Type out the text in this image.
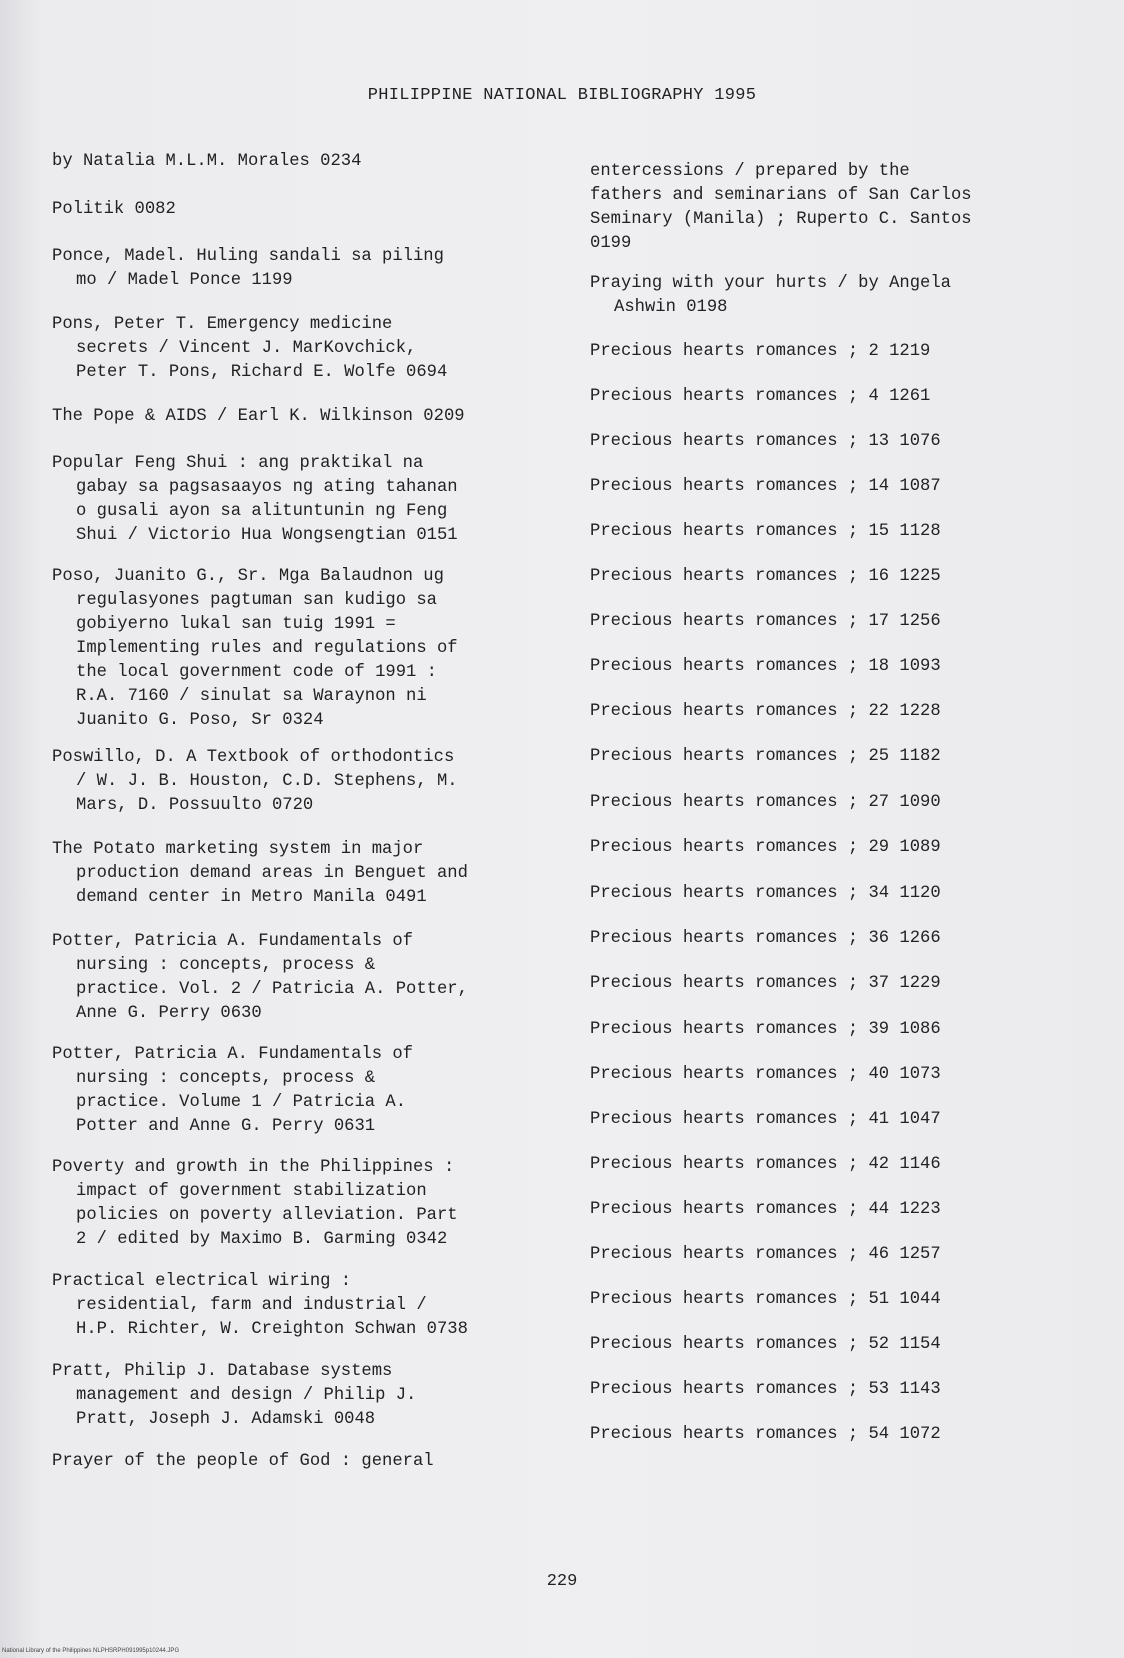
PHILIPPINE NATIONAL BIBLIOGRAPHY 1995
by Natalia M.L.M. Morales 0234
Politik 0082
Ponce, Madel. Huling sandali sa piling
mo / Madel Ponce 1199
Pons, Peter T. Emergency medicine
secrets / Vincent J. MarKovchick,
Peter T. Pons, Richard E. Wolfe 0694
The Pope & AIDS / Earl K. Wilkinson 0209
Popular Feng Shui : ang praktikal na
gabay sa pagsasaayos ng ating tahanan
o gusali ayon sa alituntunin ng Feng
Shui / Victorio Hua Wongsengtian 0151
Poso, Juanito G., Sr. Mga Balaudnon ug
regulasyones pagtuman san kudigo sa
gobiyerno lukal san tuig 1991 =
Implementing rules and regulations of
the local government code of 1991 :
R.A. 7160 / sinulat sa Waraynon ni
Juanito G. Poso, Sr 0324
Poswillo, D. A Textbook of orthodontics
/ W. J. B. Houston, C.D. Stephens, M.
Mars, D. Possuulto 0720
The Potato marketing system in major
production demand areas in Benguet and
demand center in Metro Manila 0491
Potter, Patricia A. Fundamentals of
nursing : concepts, process &
practice. Vol. 2 / Patricia A. Potter,
Anne G. Perry 0630
Potter, Patricia A. Fundamentals of
nursing : concepts, process &
practice. Volume 1 / Patricia A.
Potter and Anne G. Perry 0631
Poverty and growth in the Philippines :
impact of government stabilization
policies on poverty alleviation. Part
2 / edited by Maximo B. Garming 0342
Practical electrical wiring :
residential, farm and industrial /
H.P. Richter, W. Creighton Schwan 0738
Pratt, Philip J. Database systems
management and design / Philip J.
Pratt, Joseph J. Adamski 0048
Prayer of the people of God : general
entercessions / prepared by the
fathers and seminarians of San Carlos
Seminary (Manila) ; Ruperto C. Santos
0199
Praying with your hurts / by Angela
Ashwin 0198
Precious hearts romances ; 2 1219
Precious hearts romances ; 4 1261
Precious hearts romances ; 13 1076
Precious hearts romances ; 14 1087
Precious hearts romances ; 15 1128
Precious hearts romances ; 16 1225
Precious hearts romances ; 17 1256
Precious hearts romances ; 18 1093
Precious hearts romances ; 22 1228
Precious hearts romances ; 25 1182
Precious hearts romances ; 27 1090
Precious hearts romances ; 29 1089
Precious hearts romances ; 34 1120
Precious hearts romances ; 36 1266
Precious hearts romances ; 37 1229
Precious hearts romances ; 39 1086
Precious hearts romances ; 40 1073
Precious hearts romances ; 41 1047
Precious hearts romances ; 42 1146
Precious hearts romances ; 44 1223
Precious hearts romances ; 46 1257
Precious hearts romances ; 51 1044
Precious hearts romances ; 52 1154
Precious hearts romances ; 53 1143
Precious hearts romances ; 54 1072
229
National Library of the Philippines NLPHSRPH091995p10244.JPG
